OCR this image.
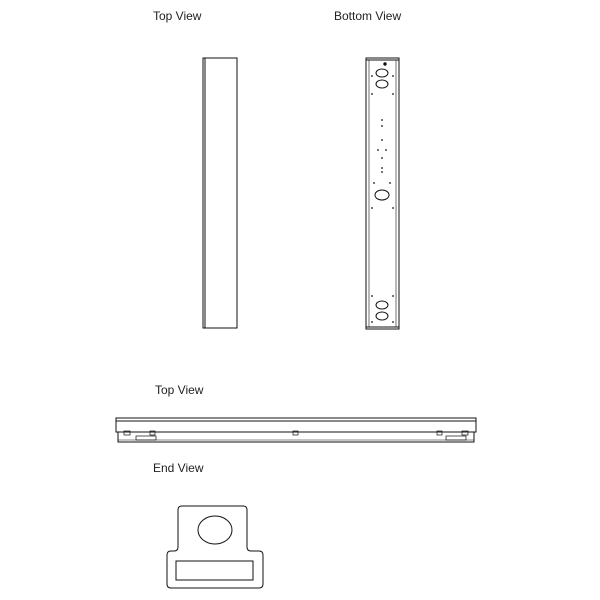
Top View	Bottom View
Top View
End View
